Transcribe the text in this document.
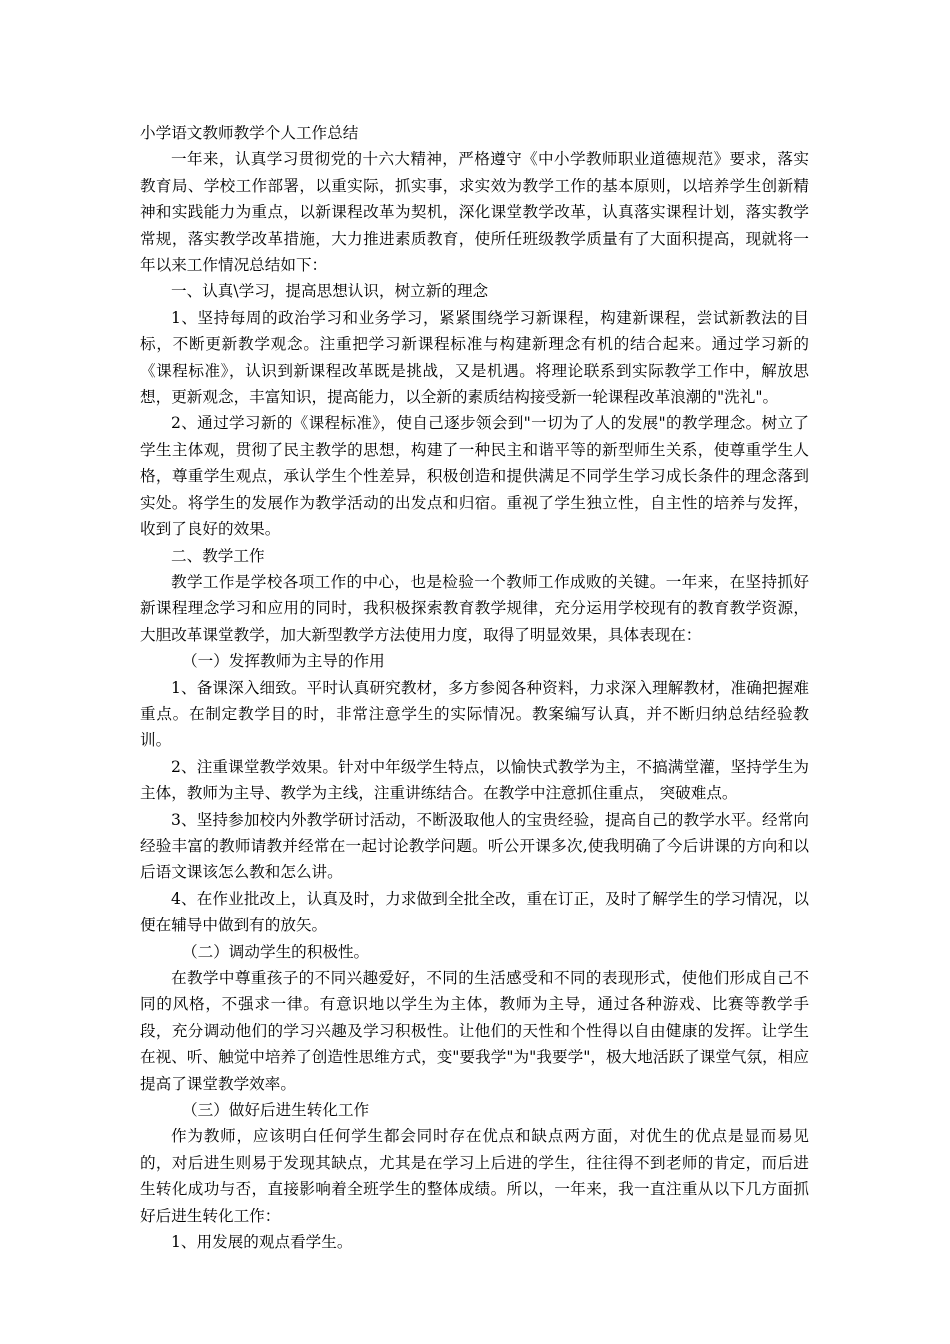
小学语文教师教学个人工作总结

一年来，认真学习贯彻党的十六大精神，严格遵守《中小学教师职业道德规范》要求，落实教育局、学校工作部署，以重实际，抓实事，求实效为教学工作的基本原则，以培养学生创新精神和实践能力为重点，以新课程改革为契机，深化课堂教学改革，认真落实课程计划，落实教学常规，落实教学改革措施，大力推进素质教育，使所任班级教学质量有了大面积提高，现就将一年以来工作情况总结如下：

一、认真\学习，提高思想认识，树立新的理念

1、坚持每周的政治学习和业务学习，紧紧围绕学习新课程，构建新课程，尝试新教法的目标，不断更新教学观念。注重把学习新课程标准与构建新理念有机的结合起来。通过学习新的《课程标准》，认识到新课程改革既是挑战，又是机遇。将理论联系到实际教学工作中，解放思想，更新观念，丰富知识，提高能力，以全新的素质结构接受新一轮课程改革浪潮的"洗礼"。

2、通过学习新的《课程标准》，使自己逐步领会到"一切为了人的发展"的教学理念。树立了学生主体观，贯彻了民主教学的思想，构建了一种民主和谐平等的新型师生关系，使尊重学生人格，尊重学生观点，承认学生个性差异，积极创造和提供满足不同学生学习成长条件的理念落到实处。将学生的发展作为教学活动的出发点和归宿。重视了学生独立性，自主性的培养与发挥，收到了良好的效果。

二、教学工作

教学工作是学校各项工作的中心，也是检验一个教师工作成败的关键。一年来，在坚持抓好新课程理念学习和应用的同时，我积极探索教育教学规律，充分运用学校现有的教育教学资源，大胆改革课堂教学，加大新型教学方法使用力度，取得了明显效果，具体表现在：

（一）发挥教师为主导的作用

1、备课深入细致。平时认真研究教材，多方参阅各种资料，力求深入理解教材，准确把握难重点。在制定教学目的时，非常注意学生的实际情况。教案编写认真，并不断归纳总结经验教训。

2、注重课堂教学效果。针对中年级学生特点，以愉快式教学为主，不搞满堂灌，坚持学生为主体，教师为主导、教学为主线，注重讲练结合。在教学中注意抓住重点， 突破难点。

3、坚持参加校内外教学研讨活动，不断汲取他人的宝贵经验，提高自己的教学水平。经常向经验丰富的教师请教并经常在一起讨论教学问题。听公开课多次,使我明确了今后讲课的方向和以后语文课该怎么教和怎么讲。

4、在作业批改上，认真及时，力求做到全批全改，重在订正，及时了解学生的学习情况，以便在辅导中做到有的放矢。

（二）调动学生的积极性。

在教学中尊重孩子的不同兴趣爱好，不同的生活感受和不同的表现形式，使他们形成自己不同的风格，不强求一律。有意识地以学生为主体，教师为主导，通过各种游戏、比赛等教学手段，充分调动他们的学习兴趣及学习积极性。让他们的天性和个性得以自由健康的发挥。让学生在视、听、触觉中培养了创造性思维方式，变"要我学"为"我要学"，极大地活跃了课堂气氛，相应提高了课堂教学效率。

（三）做好后进生转化工作

作为教师，应该明白任何学生都会同时存在优点和缺点两方面，对优生的优点是显而易见的，对后进生则易于发现其缺点，尤其是在学习上后进的学生，往往得不到老师的肯定，而后进生转化成功与否，直接影响着全班学生的整体成绩。所以，一年来，我一直注重从以下几方面抓好后进生转化工作：

1、用发展的观点看学生。
